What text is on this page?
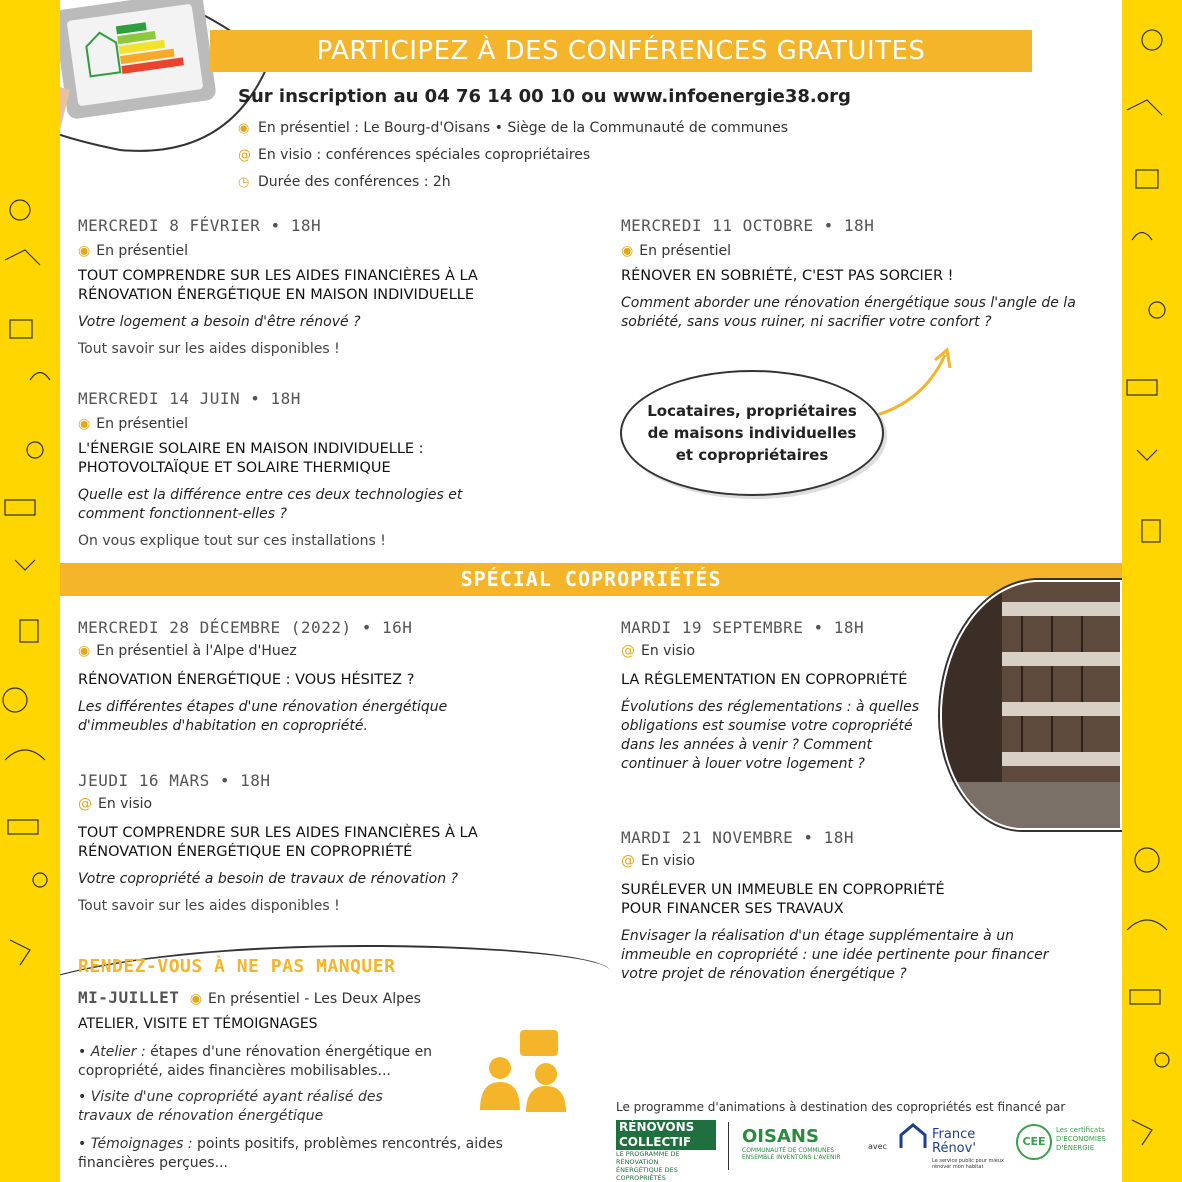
PARTICIPEZ À DES CONFÉRENCES GRATUITES
Sur inscription au 04 76 14 00 10 ou www.infoenergie38.org
◉ En présentiel : Le Bourg-d'Oisans • Siège de la Communauté de communes
@ En visio : conférences spéciales copropriétaires
◷ Durée des conférences : 2h
MERCREDI 8 FÉVRIER • 18H
◉ En présentiel
TOUT COMPRENDRE SUR LES AIDES FINANCIÈRES À LA RÉNOVATION ÉNERGÉTIQUE EN MAISON INDIVIDUELLE
Votre logement a besoin d'être rénové ?
Tout savoir sur les aides disponibles !
MERCREDI 14 JUIN • 18H
◉ En présentiel
L'ÉNERGIE SOLAIRE EN MAISON INDIVIDUELLE : PHOTOVOLTAÏQUE ET SOLAIRE THERMIQUE
Quelle est la différence entre ces deux technologies et comment fonctionnent-elles ?
On vous explique tout sur ces installations !
MERCREDI 11 OCTOBRE • 18H
◉ En présentiel
RÉNOVER EN SOBRIÉTÉ, C'EST PAS SORCIER !
Comment aborder une rénovation énergétique sous l'angle de la sobriété, sans vous ruiner, ni sacrifier votre confort ?
Locataires, propriétaires
de maisons individuelles
et copropriétaires
SPÉCIAL COPROPRIÉTÉS
MERCREDI 28 DÉCEMBRE (2022) • 16H
◉ En présentiel à l'Alpe d'Huez
RÉNOVATION ÉNERGÉTIQUE : VOUS HÉSITEZ ?
Les différentes étapes d'une rénovation énergétique d'immeubles d'habitation en copropriété.
JEUDI 16 MARS • 18H
@ En visio
TOUT COMPRENDRE SUR LES AIDES FINANCIÈRES À LA RÉNOVATION ÉNERGÉTIQUE EN COPROPRIÉTÉ
Votre copropriété a besoin de travaux de rénovation ?
Tout savoir sur les aides disponibles !
MARDI 19 SEPTEMBRE • 18H
@ En visio
LA RÉGLEMENTATION EN COPROPRIÉTÉ
Évolutions des réglementations : à quelles obligations est soumise votre copropriété dans les années à venir ? Comment continuer à louer votre logement ?
MARDI 21 NOVEMBRE • 18H
@ En visio
SURÉLEVER UN IMMEUBLE EN COPROPRIÉTÉ POUR FINANCER SES TRAVAUX
Envisager la réalisation d'un étage supplémentaire à un immeuble en copropriété : une idée pertinente pour financer votre projet de rénovation énergétique ?
RENDEZ-VOUS À NE PAS MANQUER
MI-JUILLET ◉ En présentiel - Les Deux Alpes
ATELIER, VISITE ET TÉMOIGNAGES
• Atelier : étapes d'une rénovation énergétique en copropriété, aides financières mobilisables...
• Visite d'une copropriété ayant réalisé des travaux de rénovation énergétique
• Témoignages : points positifs, problèmes rencontrés, aides financières perçues...
Le programme d'animations à destination des copropriétés est financé par
RÉNOVONS
COLLECTIF
LE PROGRAMME DE RÉNOVATION
ÉNERGÉTIQUE DES COPROPRIÉTÉS
OISANS
COMMUNAUTÉ DE COMMUNES
ENSEMBLE INVENTONS L'AVENIR
avec
France
Rénov'
Le service public pour mieux rénover mon habitat
CEE
Les certificats
D'ÉCONOMIES
D'ÉNERGIE
